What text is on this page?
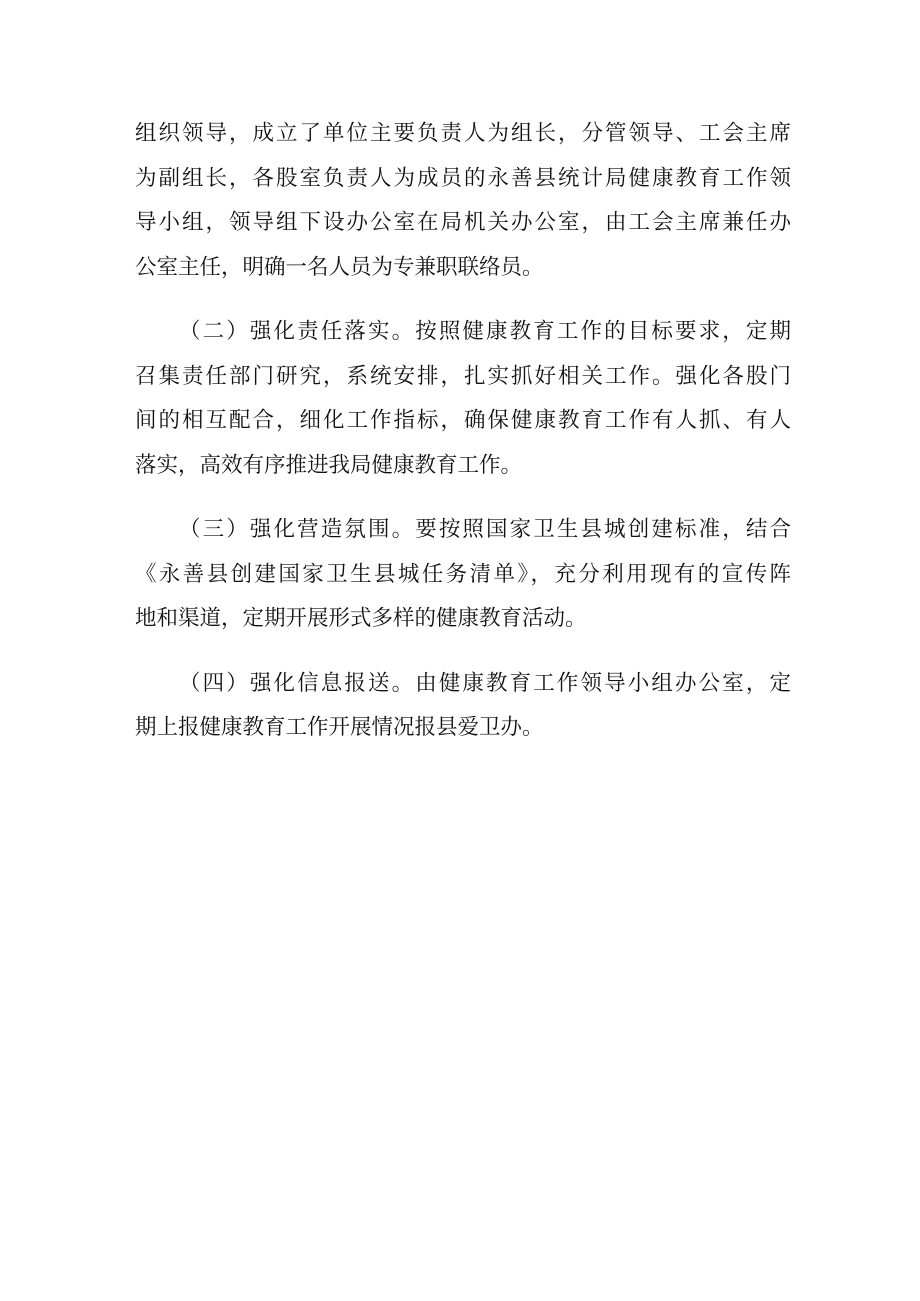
组织领导，成立了单位主要负责人为组长，分管领导、工会主席
为副组长，各股室负责人为成员的永善县统计局健康教育工作领
导小组，领导组下设办公室在局机关办公室，由工会主席兼任办
公室主任，明确一名人员为专兼职联络员。

（二）强化责任落实。按照健康教育工作的目标要求，定期
召集责任部门研究，系统安排，扎实抓好相关工作。强化各股门
间的相互配合，细化工作指标，确保健康教育工作有人抓、有人
落实，高效有序推进我局健康教育工作。

（三）强化营造氛围。要按照国家卫生县城创建标准，结合
《永善县创建国家卫生县城任务清单》，充分利用现有的宣传阵
地和渠道，定期开展形式多样的健康教育活动。

（四）强化信息报送。由健康教育工作领导小组办公室，定
期上报健康教育工作开展情况报县爱卫办。
